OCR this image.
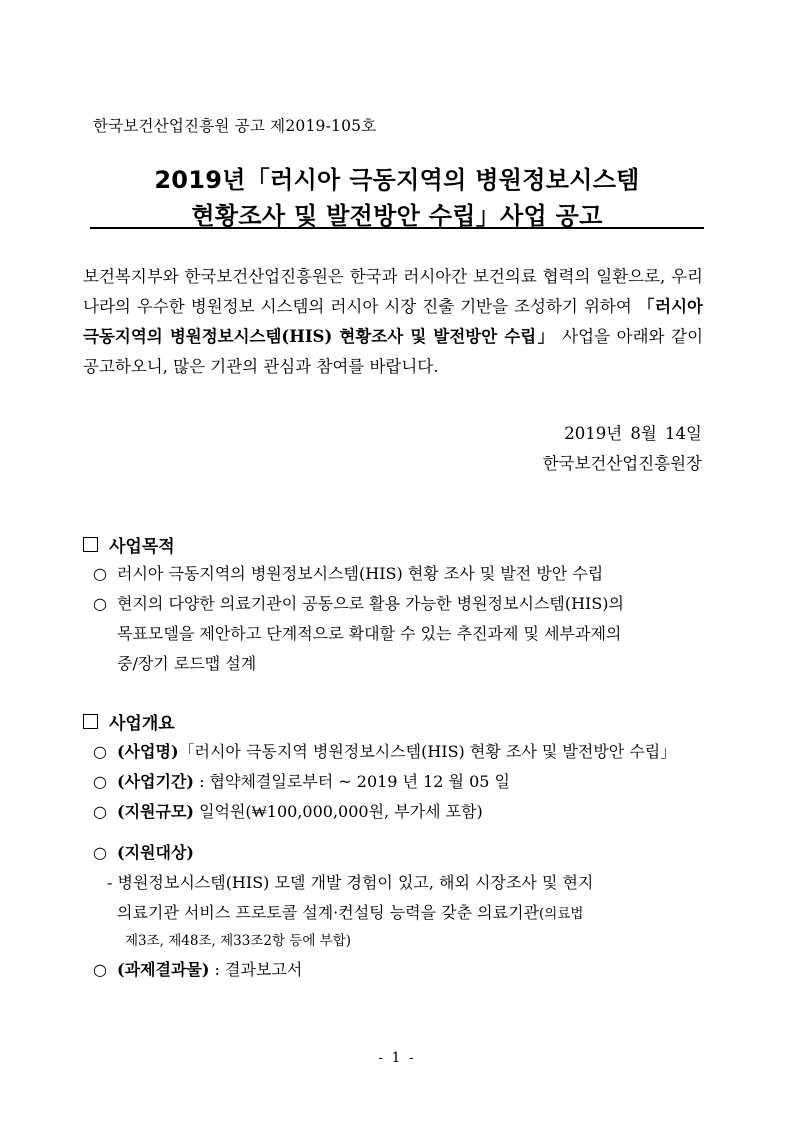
한국보건산업진흥원 공고 제2019-105호
2019년「러시아 극동지역의 병원정보시스템
현황조사 및 발전방안 수립」사업 공고
보건복지부와 한국보건산업진흥원은 한국과 러시아간 보건의료 협력의 일환으로, 우리나라의 우수한 병원정보 시스템의 러시아 시장 진출 기반을 조성하기 위하여 「러시아 극동지역의 병원정보시스템(HIS) 현황조사 및 발전방안 수립」 사업을 아래와 같이 공고하오니, 많은 기관의 관심과 참여를 바랍니다.
2019년 8월 14일
한국보건산업진흥원장
사업목적
○ 러시아 극동지역의 병원정보시스템(HIS) 현황 조사 및 발전 방안 수립
○ 현지의 다양한 의료기관이 공동으로 활용 가능한 병원정보시스템(HIS)의
목표모델을 제안하고 단계적으로 확대할 수 있는 추진과제 및 세부과제의
중/장기 로드맵 설계
사업개요
○ (사업명)「러시아 극동지역 병원정보시스템(HIS) 현황 조사 및 발전방안 수립」
○ (사업기간) : 협약체결일로부터 ~ 2019 년 12 월 05 일
○ (지원규모) 일억원(₩100,000,000원, 부가세 포함)
○ (지원대상)
- 병원정보시스템(HIS) 모델 개발 경험이 있고, 해외 시장조사 및 현지
의료기관 서비스 프로토콜 설계·컨설팅 능력을 갖춘 의료기관(의료법
제3조, 제48조, 제33조2항 등에 부합)
○ (과제결과물) : 결과보고서
- 1 -
